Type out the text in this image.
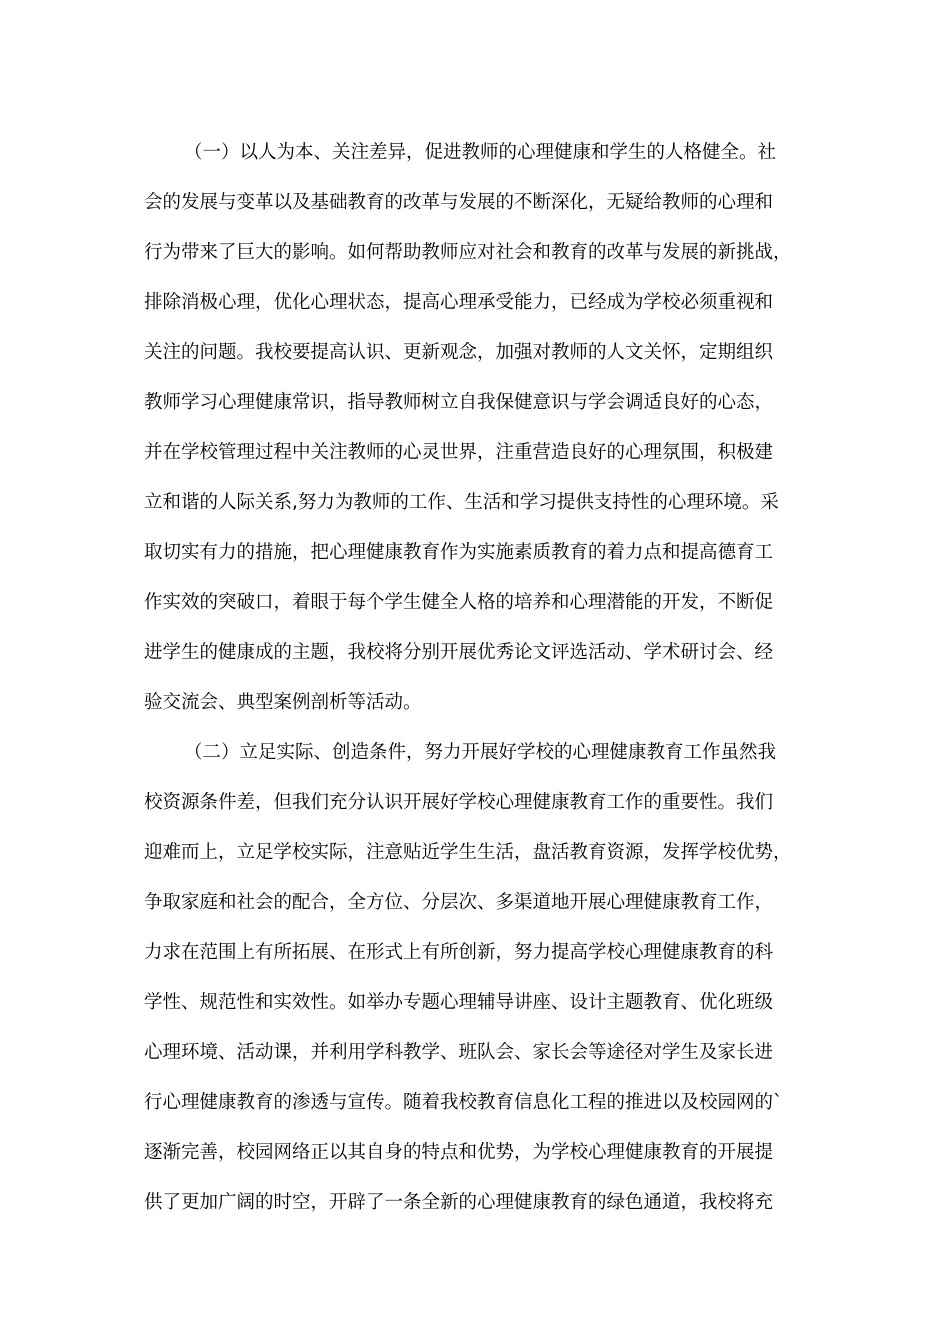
（一）以人为本、关注差异，促进教师的心理健康和学生的人格健全。社
会的发展与变革以及基础教育的改革与发展的不断深化，无疑给教师的心理和
行为带来了巨大的影响。如何帮助教师应对社会和教育的改革与发展的新挑战，
排除消极心理，优化心理状态，提高心理承受能力，已经成为学校必须重视和
关注的问题。我校要提高认识、更新观念，加强对教师的人文关怀，定期组织
教师学习心理健康常识，指导教师树立自我保健意识与学会调适良好的心态，
并在学校管理过程中关注教师的心灵世界，注重营造良好的心理氛围，积极建
立和谐的人际关系,努力为教师的工作、生活和学习提供支持性的心理环境。采
取切实有力的措施，把心理健康教育作为实施素质教育的着力点和提高德育工
作实效的突破口，着眼于每个学生健全人格的培养和心理潜能的开发，不断促
进学生的健康成的主题，我校将分别开展优秀论文评选活动、学术研讨会、经
验交流会、典型案例剖析等活动。
（二）立足实际、创造条件，努力开展好学校的心理健康教育工作虽然我
校资源条件差，但我们充分认识开展好学校心理健康教育工作的重要性。我们
迎难而上，立足学校实际，注意贴近学生生活，盘活教育资源，发挥学校优势，
争取家庭和社会的配合，全方位、分层次、多渠道地开展心理健康教育工作，
力求在范围上有所拓展、在形式上有所创新，努力提高学校心理健康教育的科
学性、规范性和实效性。如举办专题心理辅导讲座、设计主题教育、优化班级
心理环境、活动课，并利用学科教学、班队会、家长会等途径对学生及家长进
行心理健康教育的渗透与宣传。随着我校教育信息化工程的推进以及校园网的`
逐渐完善，校园网络正以其自身的特点和优势，为学校心理健康教育的开展提
供了更加广阔的时空，开辟了一条全新的心理健康教育的绿色通道，我校将充
